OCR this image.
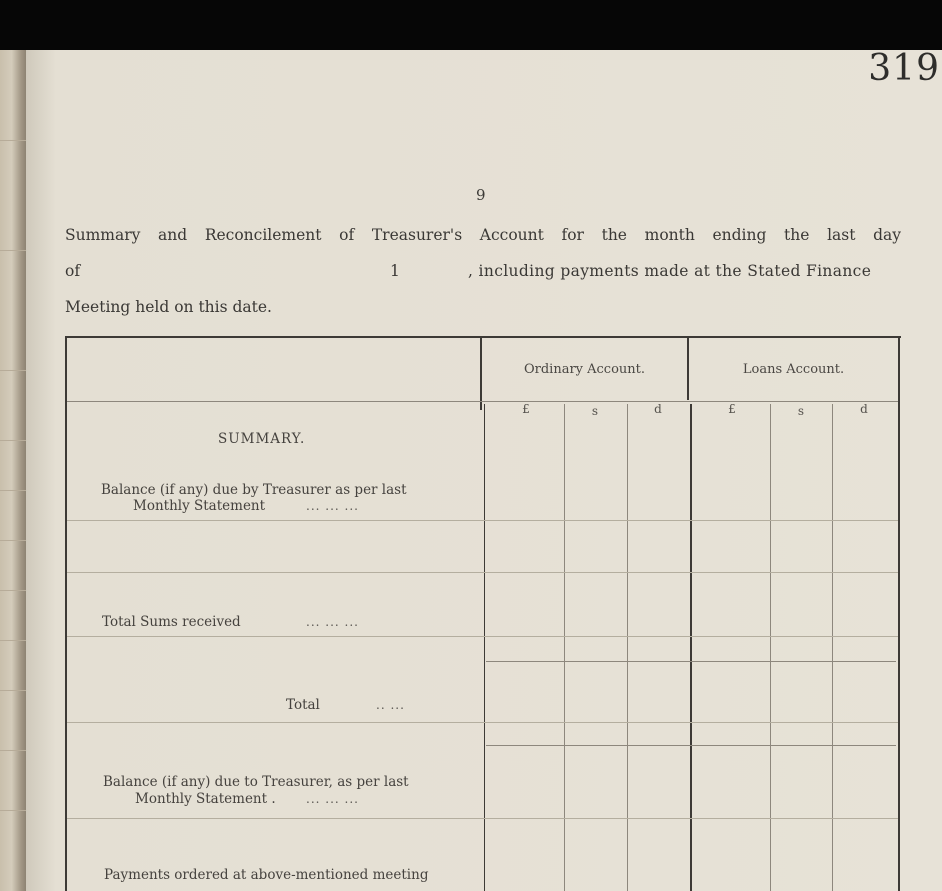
319
9
Summary and Reconcilement of Treasurer's Account for the month ending the last day
of	1	, including payments made at the Stated Finance
Meeting held on this date.
Ordinary Account.	Loans Account.
£	s	d	£	s	d
SUMMARY.
Balance (if any) due by Treasurer as per last
Monthly Statement	... ... ...
Total Sums received	... ... ...
Total	.. ...
Balance (if any) due to Treasurer, as per last
Monthly Statement .	... ... ...
Payments ordered at above-mentioned meeting
